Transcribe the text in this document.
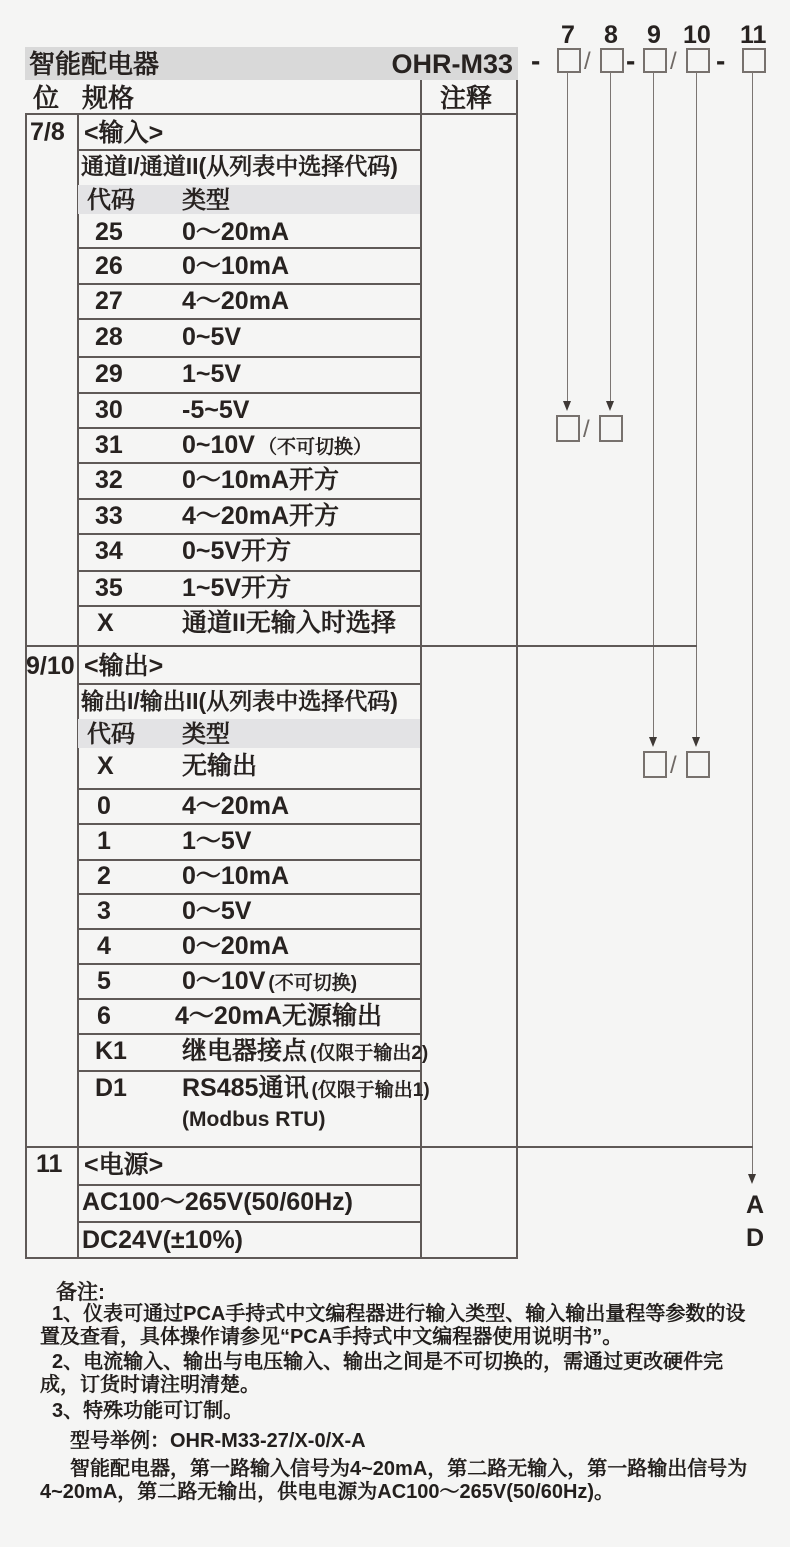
智能配电器	OHR-M33
位 规格	注释
7 8 9 10 11
- / - / -
/
/
A
D
7/8 <输入>
通道I/通道II(从列表中选择代码)
代码 类型
25 0～20mA
26 0～10mA
27 4～20mA
28 0~5V
29 1~5V
30 -5~5V
31 0~10V （不可切换）
32 0～10mA开方
33 4～20mA开方
34 0~5V开方
35 1~5V开方
X	通道II无输入时选择
9/10 <输出>
输出I/输出II(从列表中选择代码)
代码 类型
X	无输出
0	4～20mA
1	1～5V
2	0～10mA
3	0～5V
4	0～20mA
5	0～10V (不可切换)
6	4～20mA无源输出
K1 继电器接点 (仅限于输出2)
D1 RS485通讯 (仅限于输出1)
(Modbus RTU)
11 <电源>
AC100～265V(50/60Hz)
DC24V(±10%)
备注:
1、仪表可通过PCA手持式中文编程器进行输入类型、输入输出量程等参数的设置及查看，具体操作请参见“PCA手持式中文编程器使用说明书”。
2、电流输入、输出与电压输入、输出之间是不可切换的，需通过更改硬件完成，订货时请注明清楚。
3、特殊功能可订制。
型号举例：OHR-M33-27/X-0/X-A
智能配电器，第一路输入信号为4~20mA，第二路无输入，第一路输出信号为4~20mA，第二路无输出，供电电源为AC100～265V(50/60Hz)。
